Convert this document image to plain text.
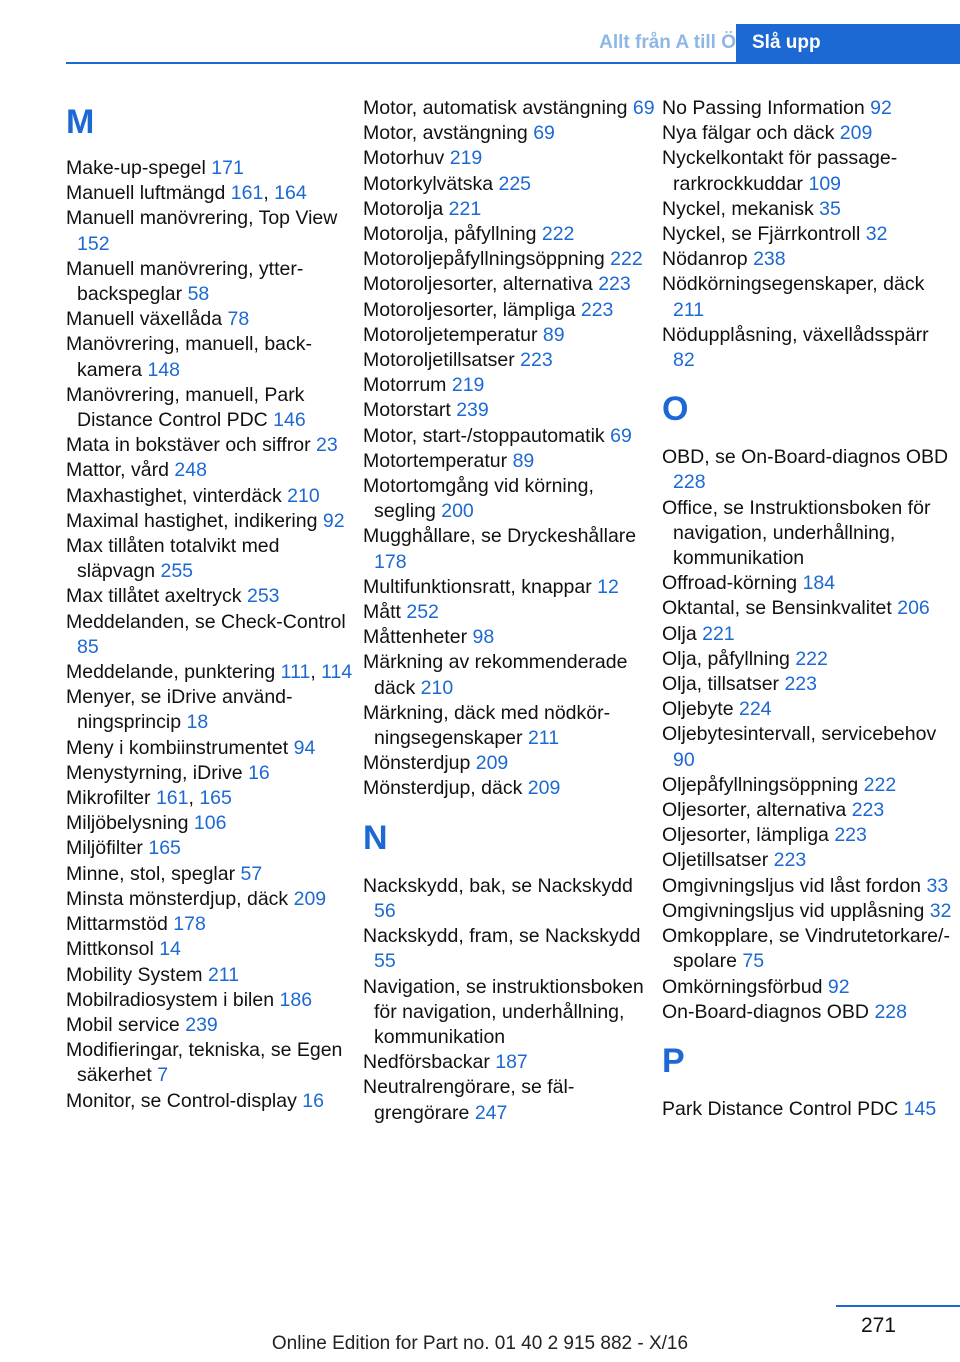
Allt från A till Ö Slå upp
M
Make-up-spegel 171
Manuell luftmängd 161, 164
Manuell manövrering, Top View 152
Manuell manövrering, ytterbackspeglar 58
Manuell växellåda 78
Manövrering, manuell, backkamera 148
Manövrering, manuell, Park Distance Control PDC 146
Mata in bokstäver och siffror 23
Mattor, vård 248
Maxhastighet, vinterdäck 210
Maximal hastighet, indikering 92
Max tillåten totalvikt med släpvagn 255
Max tillåtet axeltryck 253
Meddelanden, se Check-Control 85
Meddelande, punktering 111, 114
Menyer, se iDrive användningsprincip 18
Meny i kombiinstrumentet 94
Menystyrning, iDrive 16
Mikrofilter 161, 165
Miljöbelysning 106
Miljöfilter 165
Minne, stol, speglar 57
Minsta mönsterdjup, däck 209
Mittarmstöd 178
Mittkonsol 14
Mobility System 211
Mobilradiosystem i bilen 186
Mobil service 239
Modifieringar, tekniska, se Egen säkerhet 7
Monitor, se Control-display 16
Motor, automatisk avstängning 69
Motor, avstängning 69
Motorhuv 219
Motorkylvätska 225
Motorolja 221
Motorolja, påfyllning 222
Motoroljepåfyllningsöppning 222
Motoroljesorter, alternativa 223
Motoroljesorter, lämpliga 223
Motoroljetemperatur 89
Motoroljetillsatser 223
Motorrum 219
Motorstart 239
Motor, start-/stoppautomatik 69
Motortemperatur 89
Motortomgång vid körning, segling 200
Mugghållare, se Dryckeshållare 178
Multifunktionsratt, knappar 12
Mått 252
Måttenheter 98
Märkning av rekommenderade däck 210
Märkning, däck med nödkörningsegenskaper 211
Mönsterdjup 209
Mönsterdjup, däck 209
N
Nackskydd, bak, se Nackskydd 56
Nackskydd, fram, se Nackskydd 55
Navigation, se instruktionsboken för navigation, underhållning, kommunikation
Nedförsbackar 187
Neutralrengörare, se fälgrengörare 247
No Passing Information 92
Nya fälgar och däck 209
Nyckelkontakt för passagerarkrockkuddar 109
Nyckel, mekanisk 35
Nyckel, se Fjärrkontroll 32
Nödanrop 238
Nödkörningsegenskaper, däck 211
Nödupplåsning, växellådsspärr 82
O
OBD, se On-Board-diagnos OBD 228
Office, se Instruktionsboken för navigation, underhållning, kommunikation
Offroad-körning 184
Oktantal, se Bensinkvalitet 206
Olja 221
Olja, påfyllning 222
Olja, tillsatser 223
Oljebyte 224
Oljebytesintervall, servicebehov 90
Oljepåfyllningsöppning 222
Oljesorter, alternativa 223
Oljesorter, lämpliga 223
Oljetillsatser 223
Omgivningsljus vid låst fordon 33
Omgivningsljus vid upplåsning 32
Omkopplare, se Vindrutetorkare/-spolare 75
Omkörningsförbud 92
On-Board-diagnos OBD 228
P
Park Distance Control PDC 145
271
Online Edition for Part no. 01 40 2 915 882 - X/16
